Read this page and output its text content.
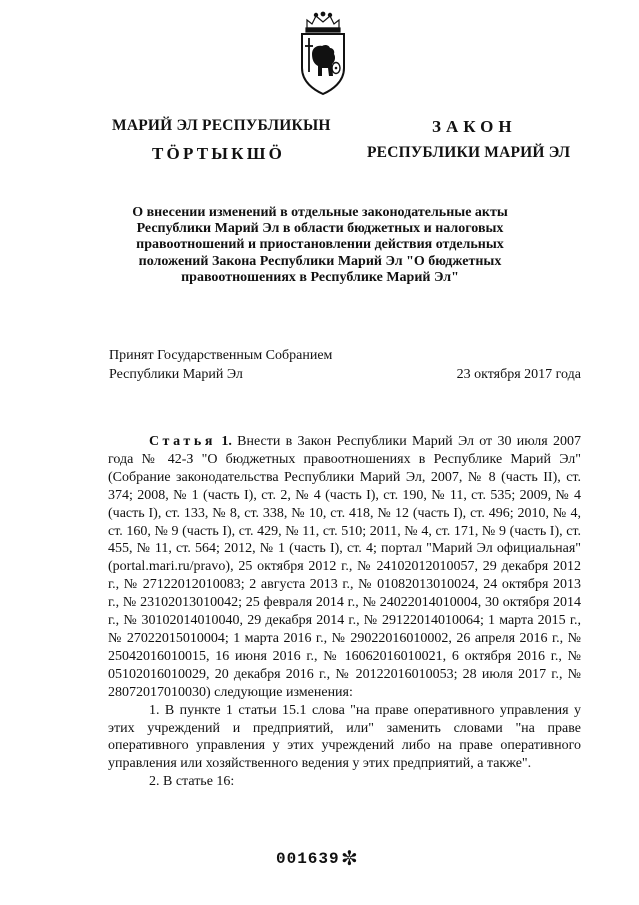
МАРИЙ ЭЛ РЕСПУБЛИКЫН
ТӦРТЫКШӦ
ЗАКОН
РЕСПУБЛИКИ МАРИЙ ЭЛ
О внесении изменений в отдельные законодательные акты Республики Марий Эл в области бюджетных и налоговых правоотношений и приостановлении действия отдельных положений Закона Республики Марий Эл "О бюджетных правоотношениях в Республике Марий Эл"
Принят Государственным Собранием
Республики Марий Эл	23 октября 2017 года

Статья 1. Внести в Закон Республики Марий Эл от 30 июля 2007 года № 42-З "О бюджетных правоотношениях в Республике Марий Эл" (Собрание законодательства Республики Марий Эл, 2007, № 8 (часть II), ст. 374; 2008, № 1 (часть I), ст. 2, № 4 (часть I), ст. 190, № 11, ст. 535; 2009, № 4 (часть I), ст. 133, № 8, ст. 338, № 10, ст. 418, № 12 (часть I), ст. 496; 2010, № 4, ст. 160, № 9 (часть I), ст. 429, № 11, ст. 510; 2011, № 4, ст. 171, № 9 (часть I), ст. 455, № 11, ст. 564; 2012, № 1 (часть I), ст. 4; портал "Марий Эл официальная" (portal.mari.ru/pravo), 25 октября 2012 г., № 24102012010057, 29 декабря 2012 г., № 27122012010083; 2 августа 2013 г., № 01082013010024, 24 октября 2013 г., № 23102013010042; 25 февраля 2014 г., № 24022014010004, 30 октября 2014 г., № 30102014010040, 29 декабря 2014 г., № 29122014010064; 1 марта 2015 г., № 27022015010004; 1 марта 2016 г., № 29022016010002, 26 апреля 2016 г., № 25042016010015, 16 июня 2016 г., № 16062016010021, 6 октября 2016 г., № 05102016010029, 20 декабря 2016 г., № 20122016010053; 28 июля 2017 г., № 28072017010030) следующие изменения:

1. В пункте 1 статьи 15.1 слова "на праве оперативного управления у этих учреждений и предприятий, или" заменить словами "на праве оперативного управления у этих учреждений либо на праве оперативного управления или хозяйственного ведения у этих предприятий, а также".

2. В статье 16:

001639 ✼
